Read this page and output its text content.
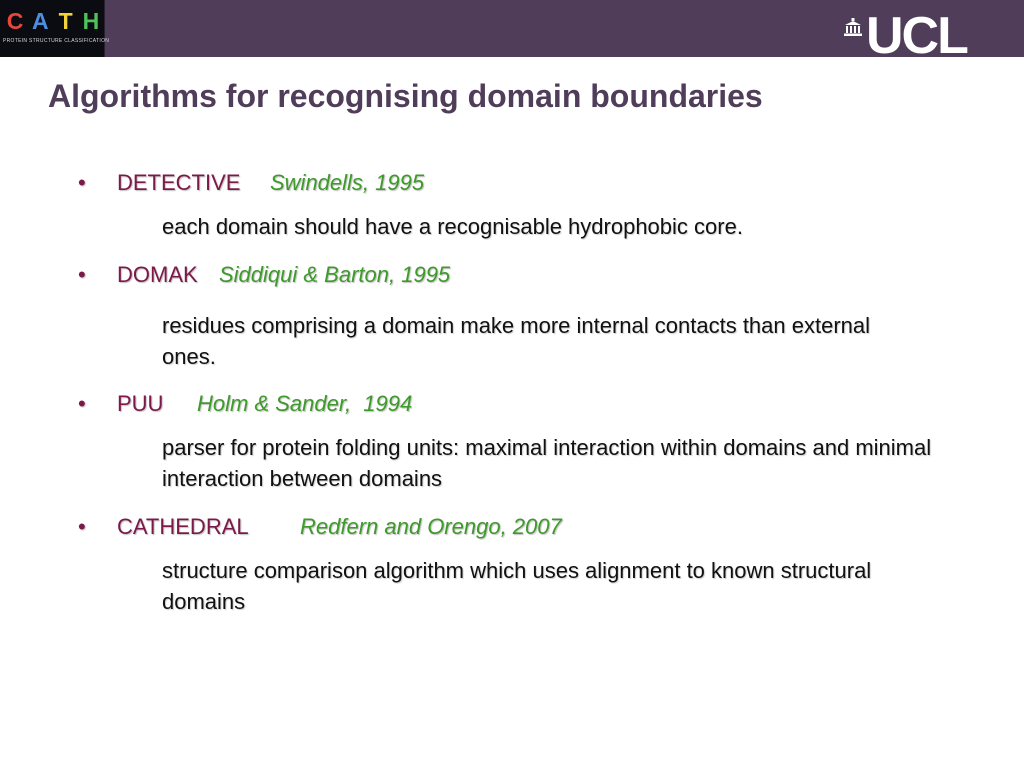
C A T H
PROTEIN STRUCTURE CLASSIFICATION	UCL
Algorithms for recognising domain boundaries
• DETECTIVE Swindells, 1995
each domain should have a recognisable hydrophobic core.
• DOMAK Siddiqui & Barton, 1995
residues comprising a domain make more internal contacts than external ones.
• PUU Holm & Sander,  1994
parser for protein folding units: maximal interaction within domains and minimal interaction between domains
• CATHEDRAL Redfern and Orengo, 2007
structure comparison algorithm which uses alignment to known structural domains
